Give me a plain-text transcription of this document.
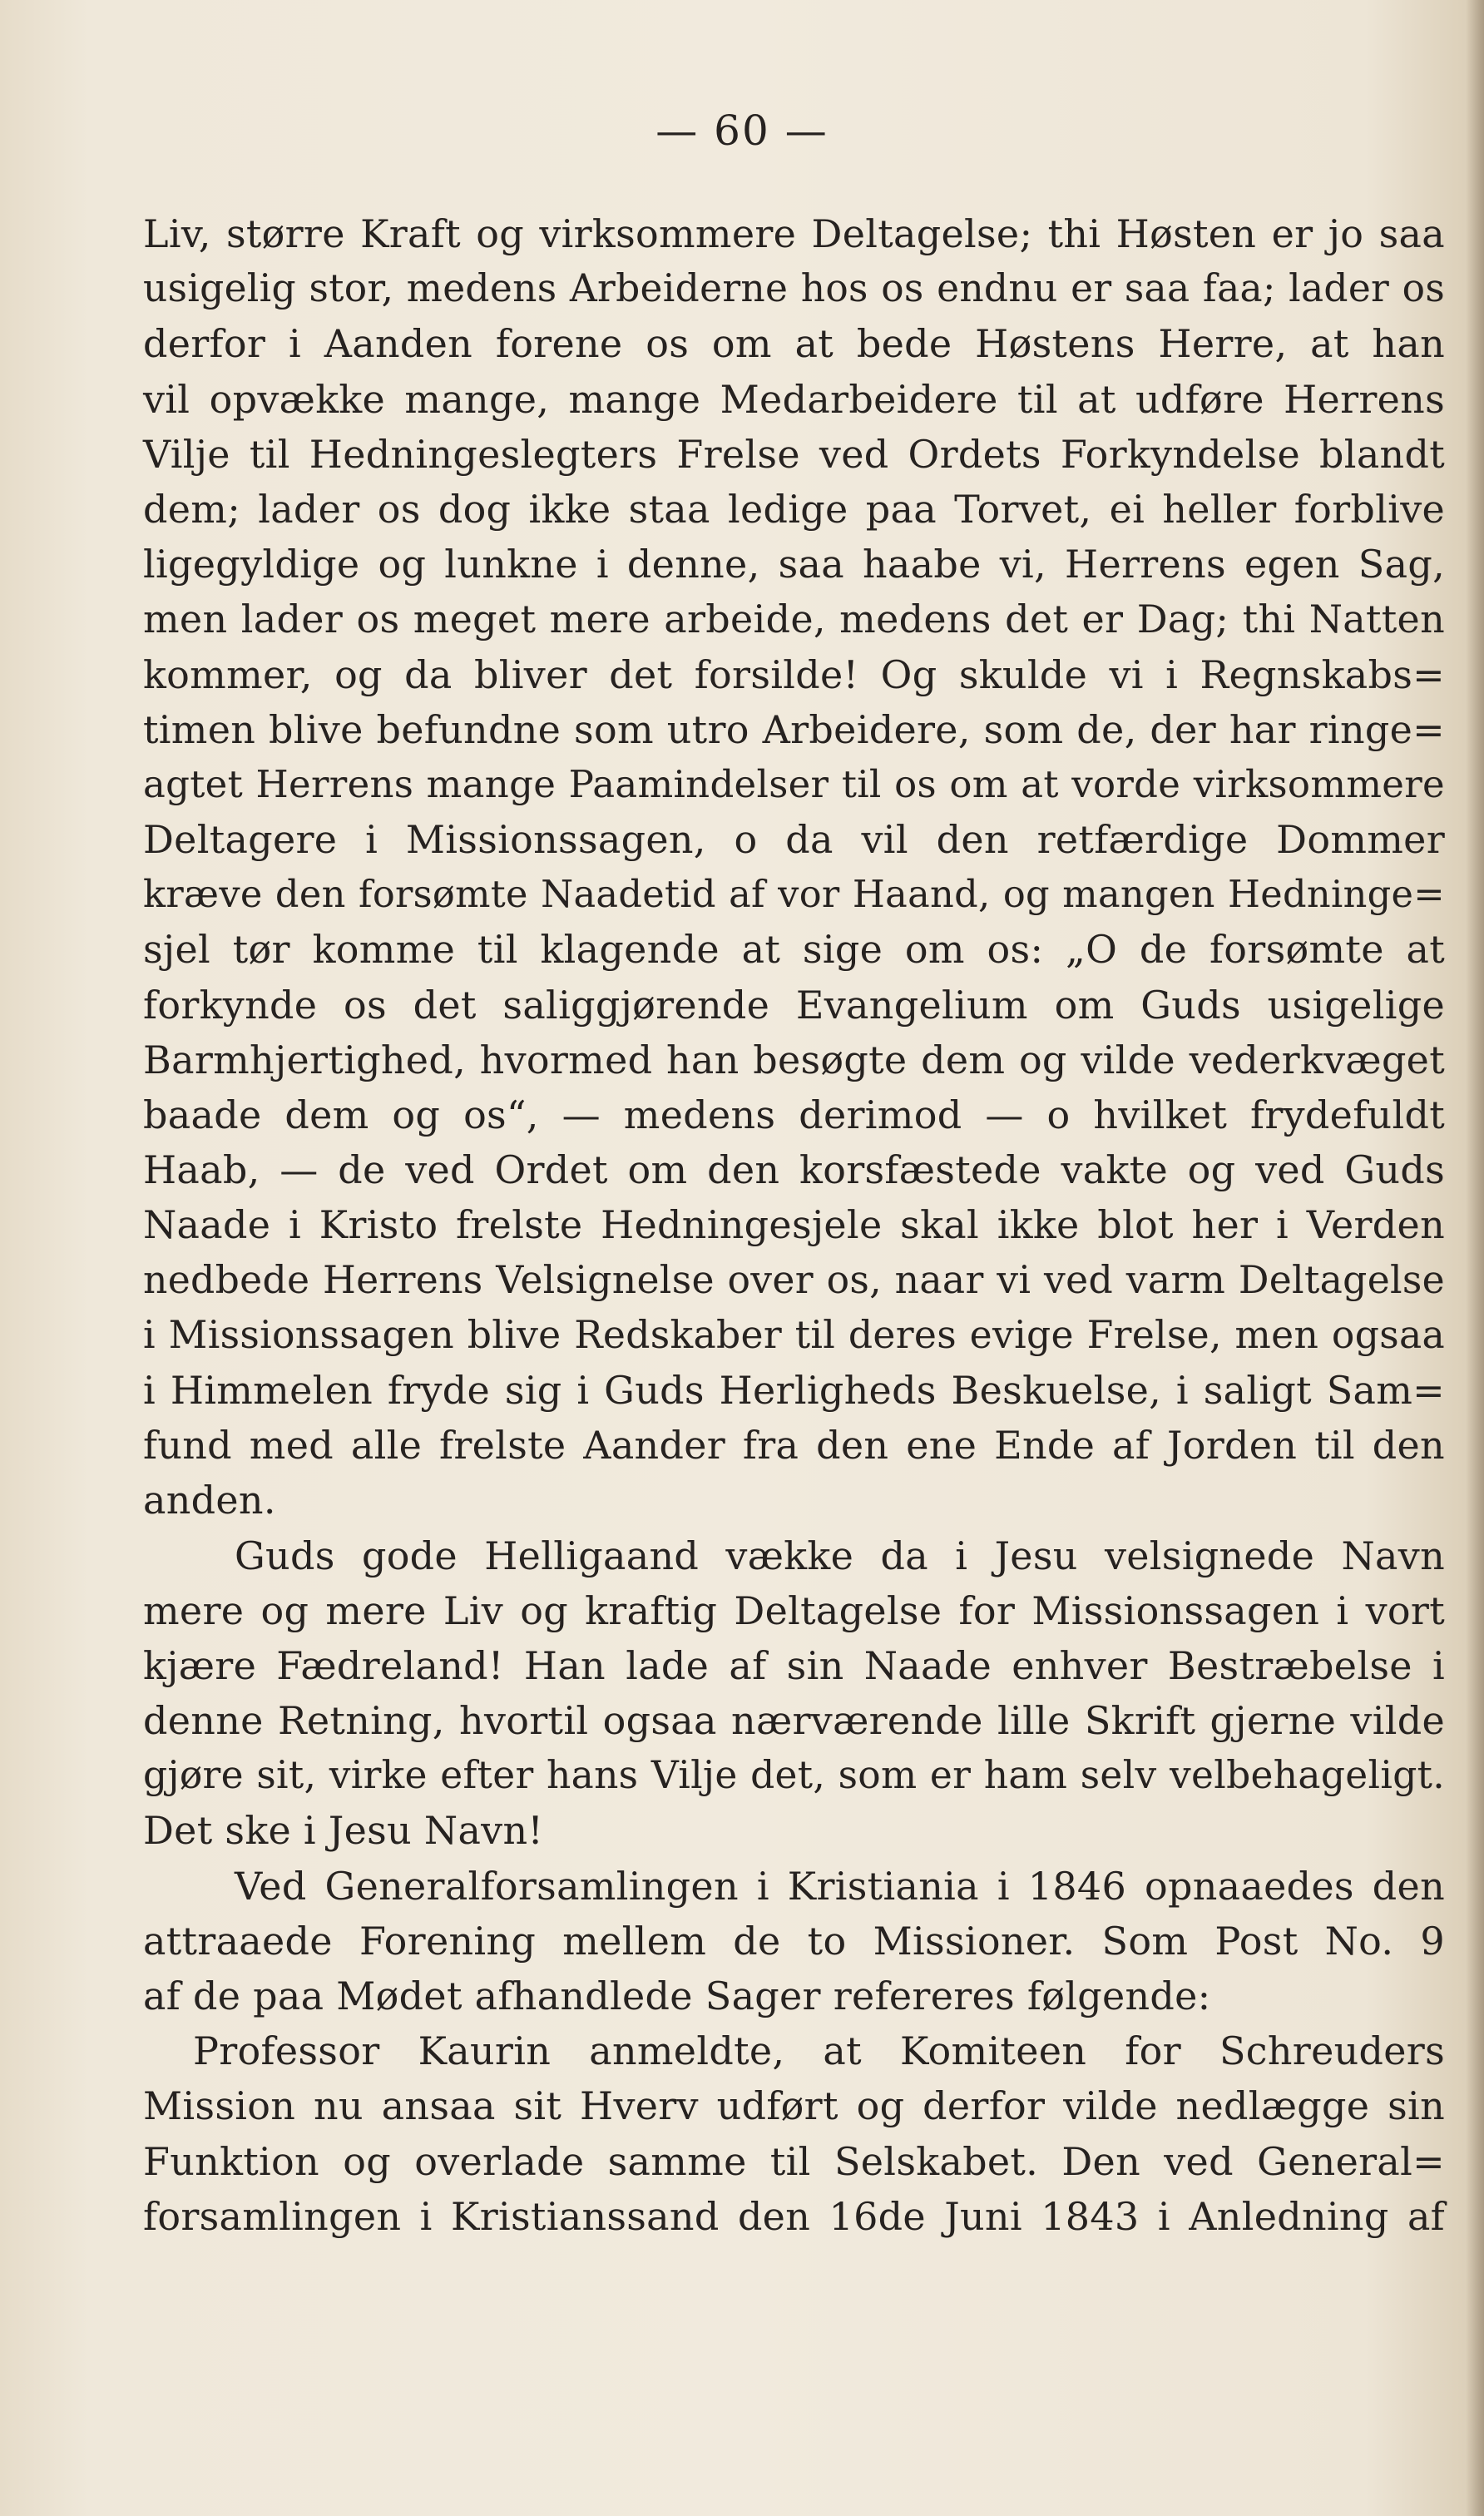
— 60 —
Liv, større Kraft og virksommere Deltagelse; thi Høsten er jo saa
usigelig stor, medens Arbeiderne hos os endnu er saa faa; lader os
derfor i Aanden forene os om at bede Høstens Herre, at han
vil opvække mange, mange Medarbeidere til at udføre Herrens
Vilje til Hedningeslegters Frelse ved Ordets Forkyndelse blandt
dem; lader os dog ikke staa ledige paa Torvet, ei heller forblive
ligegyldige og lunkne i denne, saa haabe vi, Herrens egen Sag,
men lader os meget mere arbeide, medens det er Dag; thi Natten
kommer, og da bliver det forsilde! Og skulde vi i Regnskabs=
timen blive befundne som utro Arbeidere, som de, der har ringe=
agtet Herrens mange Paamindelser til os om at vorde virksommere
Deltagere i Missionssagen, o da vil den retfærdige Dommer
kræve den forsømte Naadetid af vor Haand, og mangen Hedninge=
sjel tør komme til klagende at sige om os: „O de forsømte at
forkynde os det saliggjørende Evangelium om Guds usigelige
Barmhjertighed, hvormed han besøgte dem og vilde vederkvæget
baade dem og os“, — medens derimod — o hvilket frydefuldt
Haab, — de ved Ordet om den korsfæstede vakte og ved Guds
Naade i Kristo frelste Hedningesjele skal ikke blot her i Verden
nedbede Herrens Velsignelse over os, naar vi ved varm Deltagelse
i Missionssagen blive Redskaber til deres evige Frelse, men ogsaa
i Himmelen fryde sig i Guds Herligheds Beskuelse, i saligt Sam=
fund med alle frelste Aander fra den ene Ende af Jorden til den
anden.
Guds gode Helligaand vække da i Jesu velsignede Navn
mere og mere Liv og kraftig Deltagelse for Missionssagen i vort
kjære Fædreland! Han lade af sin Naade enhver Bestræbelse i
denne Retning, hvortil ogsaa nærværende lille Skrift gjerne vilde
gjøre sit, virke efter hans Vilje det, som er ham selv velbehageligt.
Det ske i Jesu Navn!
Ved Generalforsamlingen i Kristiania i 1846 opnaaedes den
attraaede Forening mellem de to Missioner. Som Post No. 9
af de paa Mødet afhandlede Sager refereres følgende:
Professor Kaurin anmeldte, at Komiteen for Schreuders
Mission nu ansaa sit Hverv udført og derfor vilde nedlægge sin
Funktion og overlade samme til Selskabet. Den ved General=
forsamlingen i Kristianssand den 16de Juni 1843 i Anledning af
